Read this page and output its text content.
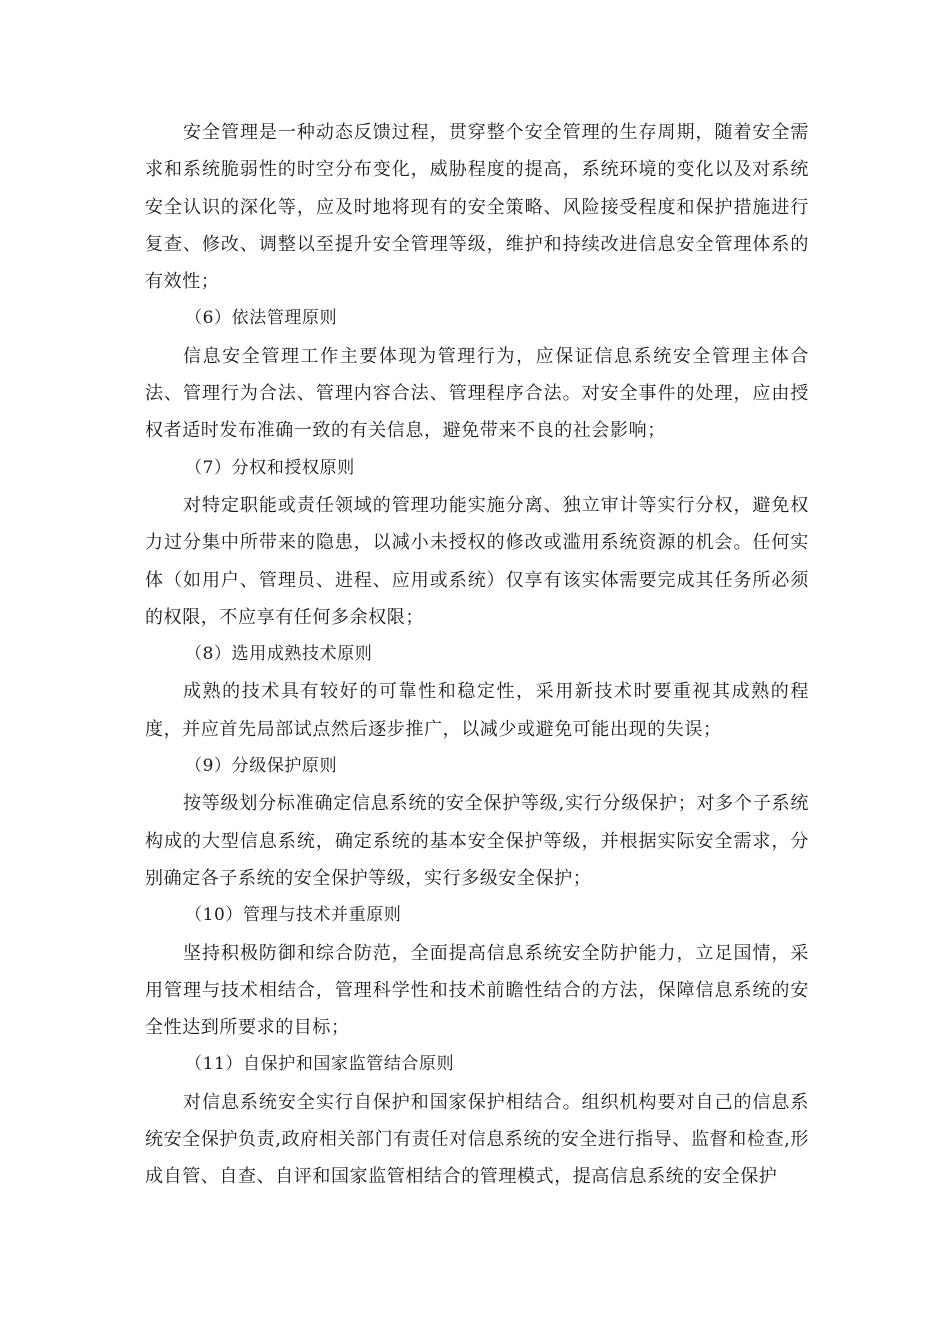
安全管理是一种动态反馈过程，贯穿整个安全管理的生存周期，随着安全需求和系统脆弱性的时空分布变化，威胁程度的提高，系统环境的变化以及对系统安全认识的深化等，应及时地将现有的安全策略、风险接受程度和保护措施进行复查、修改、调整以至提升安全管理等级，维护和持续改进信息安全管理体系的有效性；

（6）依法管理原则

信息安全管理工作主要体现为管理行为，应保证信息系统安全管理主体合法、管理行为合法、管理内容合法、管理程序合法。对安全事件的处理，应由授权者适时发布准确一致的有关信息，避免带来不良的社会影响；

（7）分权和授权原则

对特定职能或责任领域的管理功能实施分离、独立审计等实行分权，避免权力过分集中所带来的隐患，以减小未授权的修改或滥用系统资源的机会。任何实体（如用户、管理员、进程、应用或系统）仅享有该实体需要完成其任务所必须的权限，不应享有任何多余权限；

（8）选用成熟技术原则

成熟的技术具有较好的可靠性和稳定性，采用新技术时要重视其成熟的程度，并应首先局部试点然后逐步推广，以减少或避免可能出现的失误；

（9）分级保护原则

按等级划分标准确定信息系统的安全保护等级,实行分级保护；对多个子系统构成的大型信息系统，确定系统的基本安全保护等级，并根据实际安全需求，分别确定各子系统的安全保护等级，实行多级安全保护；

（10）管理与技术并重原则

坚持积极防御和综合防范，全面提高信息系统安全防护能力，立足国情，采用管理与技术相结合，管理科学性和技术前瞻性结合的方法，保障信息系统的安全性达到所要求的目标；

（11）自保护和国家监管结合原则

对信息系统安全实行自保护和国家保护相结合。组织机构要对自己的信息系统安全保护负责,政府相关部门有责任对信息系统的安全进行指导、监督和检查,形成自管、自查、自评和国家监管相结合的管理模式，提高信息系统的安全保护
